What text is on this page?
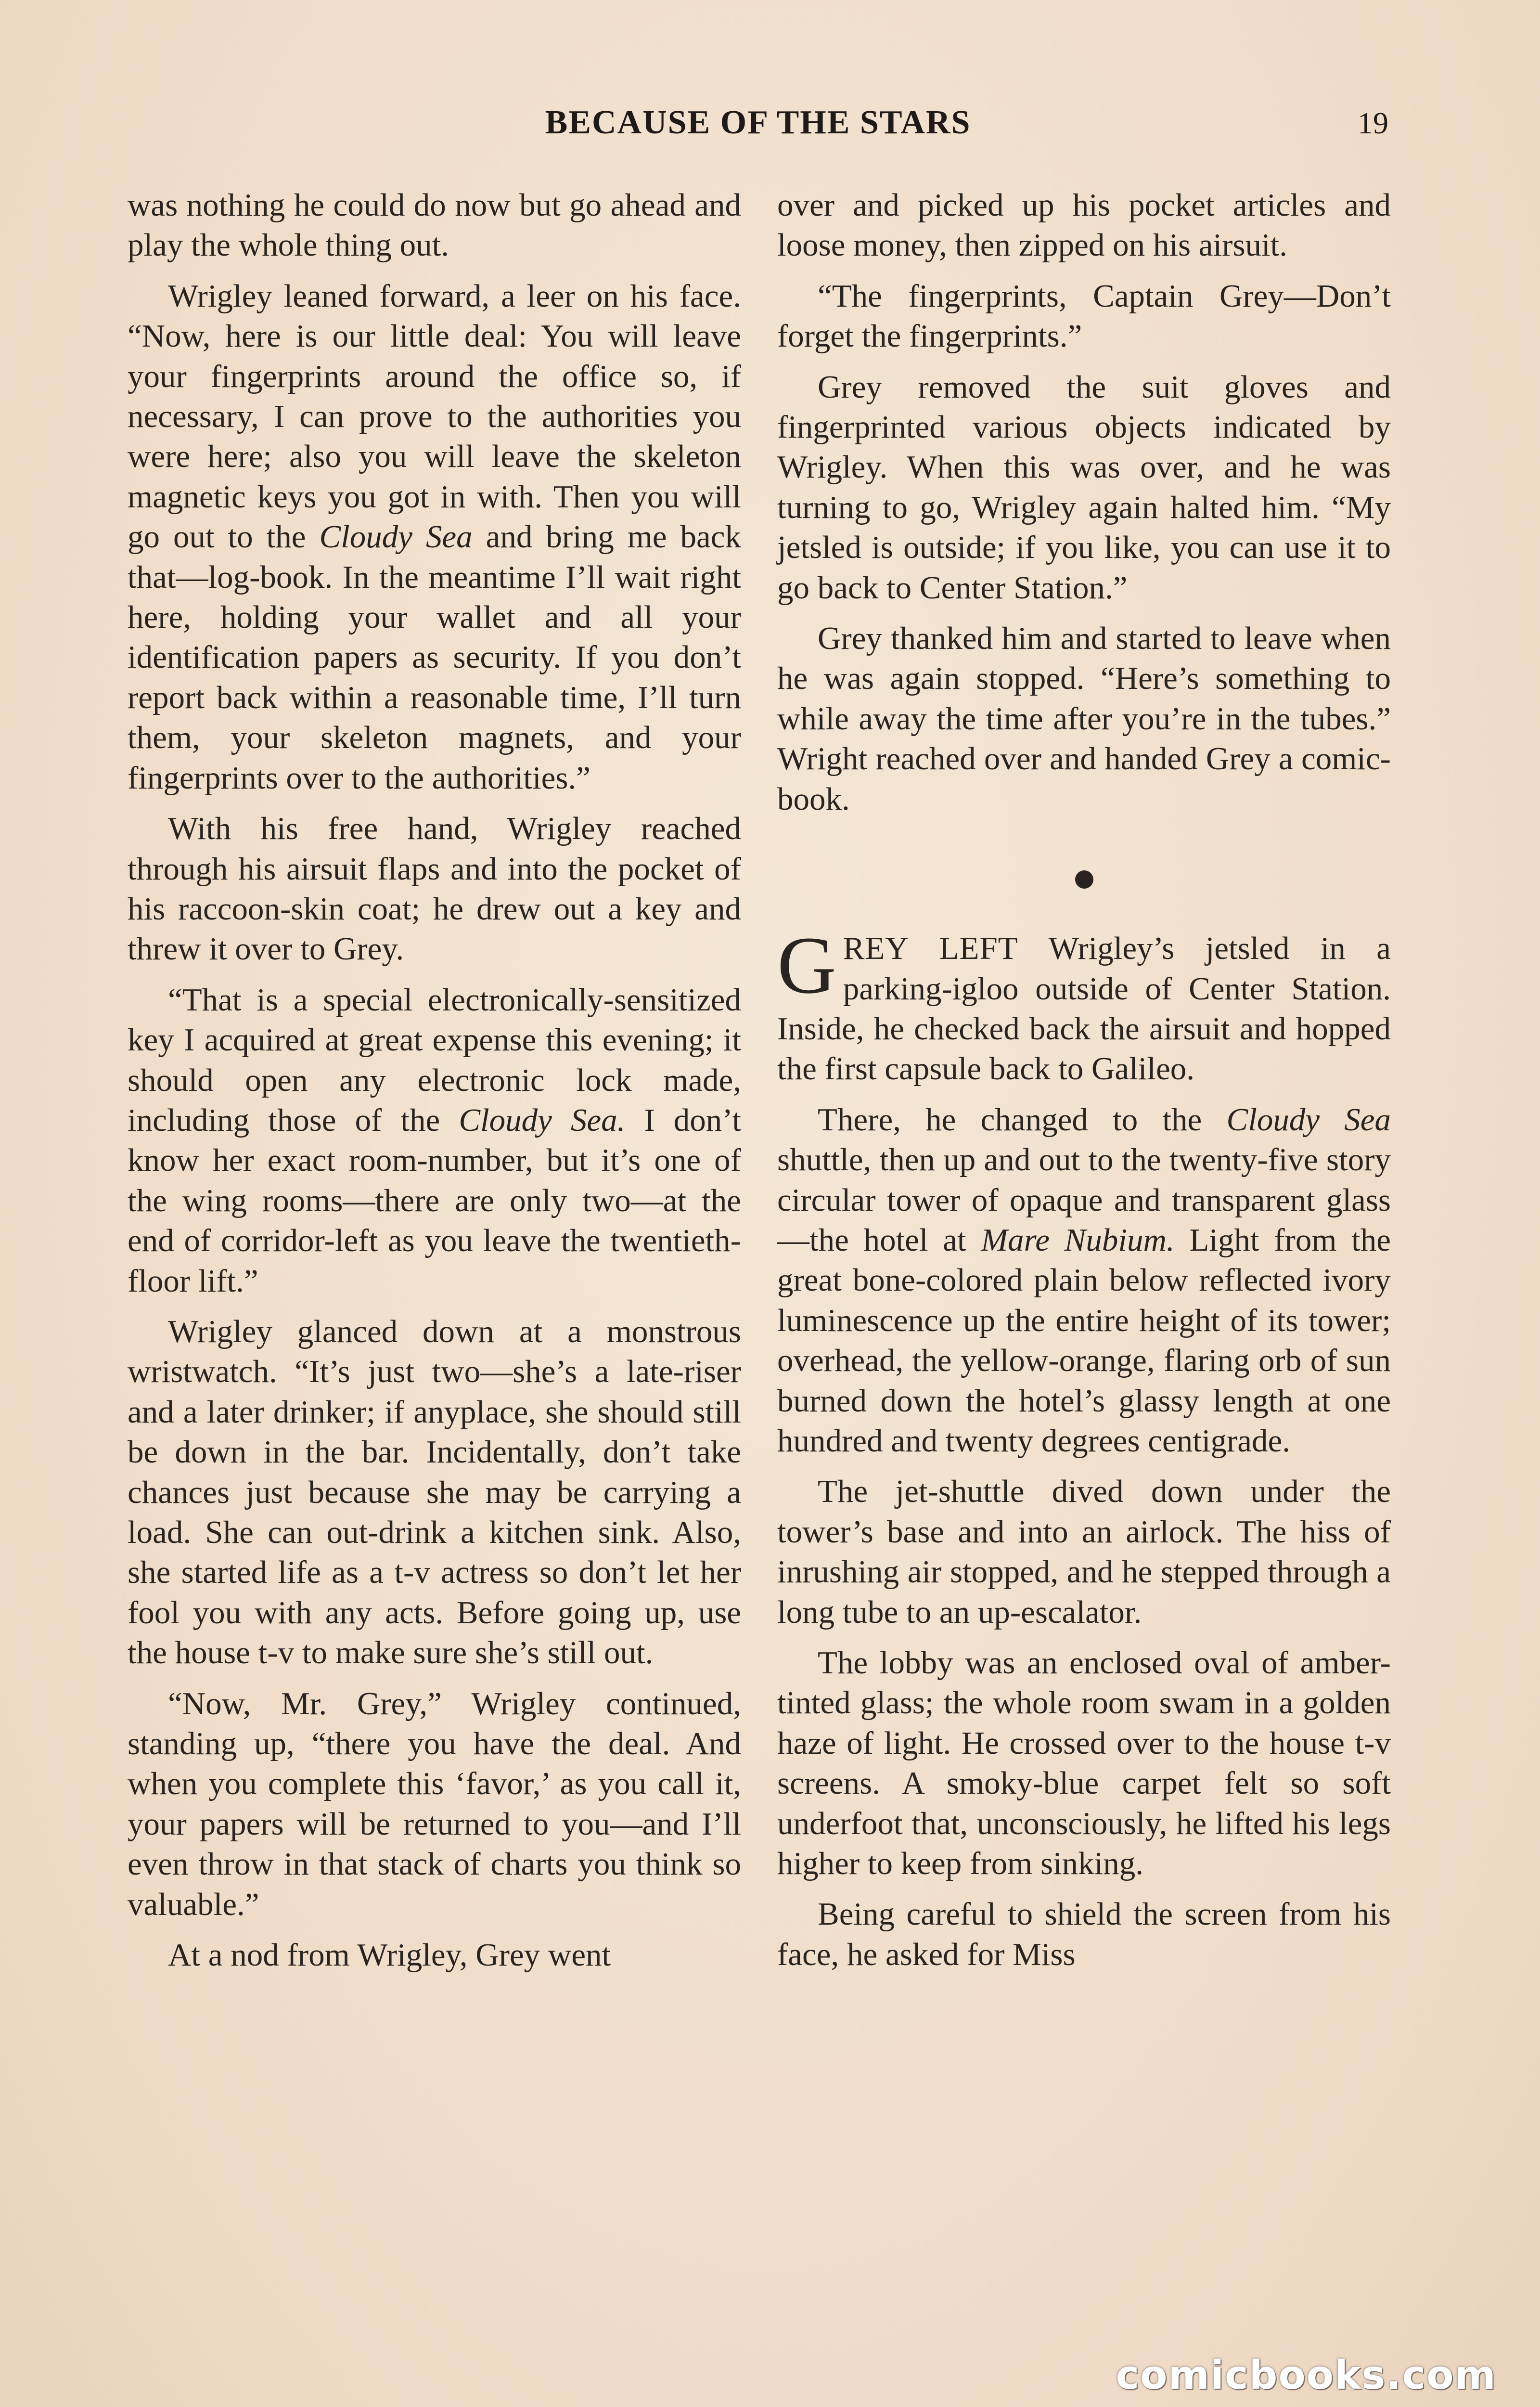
BECAUSE OF THE STARS	19

was nothing he could do now but go ahead and play the whole thing out.

Wrigley leaned forward, a leer on his face. “Now, here is our little deal: You will leave your fingerprints around the office so, if necessary, I can prove to the authorities you were here; also you will leave the skeleton magnetic keys you got in with. Then you will go out to the Cloudy Sea and bring me back that—log-book. In the meantime I’ll wait right here, holding your wallet and all your identification papers as security. If you don’t report back within a reasonable time, I’ll turn them, your skeleton magnets, and your fingerprints over to the authorities.”

With his free hand, Wrigley reached through his airsuit flaps and into the pocket of his raccoon-skin coat; he drew out a key and threw it over to Grey.

“That is a special electronically-sensitized key I acquired at great expense this evening; it should open any electronic lock made, including those of the Cloudy Sea. I don’t know her exact room-number, but it’s one of the wing rooms—there are only two—at the end of corridor-left as you leave the twentieth-floor lift.”

Wrigley glanced down at a monstrous wristwatch. “It’s just two—she’s a late-riser and a later drinker; if anyplace, she should still be down in the bar. Incidentally, don’t take chances just because she may be carrying a load. She can out-drink a kitchen sink. Also, she started life as a t-v actress so don’t let her fool you with any acts. Before going up, use the house t-v to make sure she’s still out.

“Now, Mr. Grey,” Wrigley continued, standing up, “there you have the deal. And when you complete this ‘favor,’ as you call it, your papers will be returned to you—and I’ll even throw in that stack of charts you think so valuable.”

At a nod from Wrigley, Grey went

over and picked up his pocket articles and loose money, then zipped on his airsuit.

“The fingerprints, Captain Grey—Don’t forget the fingerprints.”

Grey removed the suit gloves and fingerprinted various objects indicated by Wrigley. When this was over, and he was turning to go, Wrigley again halted him. “My jetsled is outside; if you like, you can use it to go back to Center Station.”

Grey thanked him and started to leave when he was again stopped. “Here’s something to while away the time after you’re in the tubes.” Wright reached over and handed Grey a comic-book.

GREY LEFT Wrigley’s jetsled in a parking-igloo outside of Center Station. Inside, he checked back the airsuit and hopped the first capsule back to Galileo.

There, he changed to the Cloudy Sea shuttle, then up and out to the twenty-five story circular tower of opaque and transparent glass—the hotel at Mare Nubium. Light from the great bone-colored plain below reflected ivory luminescence up the entire height of its tower; overhead, the yellow-orange, flaring orb of sun burned down the hotel’s glassy length at one hundred and twenty degrees centigrade.

The jet-shuttle dived down under the tower’s base and into an airlock. The hiss of inrushing air stopped, and he stepped through a long tube to an up-escalator.

The lobby was an enclosed oval of amber-tinted glass; the whole room swam in a golden haze of light. He crossed over to the house t-v screens. A smoky-blue carpet felt so soft underfoot that, unconsciously, he lifted his legs higher to keep from sinking.

Being careful to shield the screen from his face, he asked for Miss

comicbooks.com
